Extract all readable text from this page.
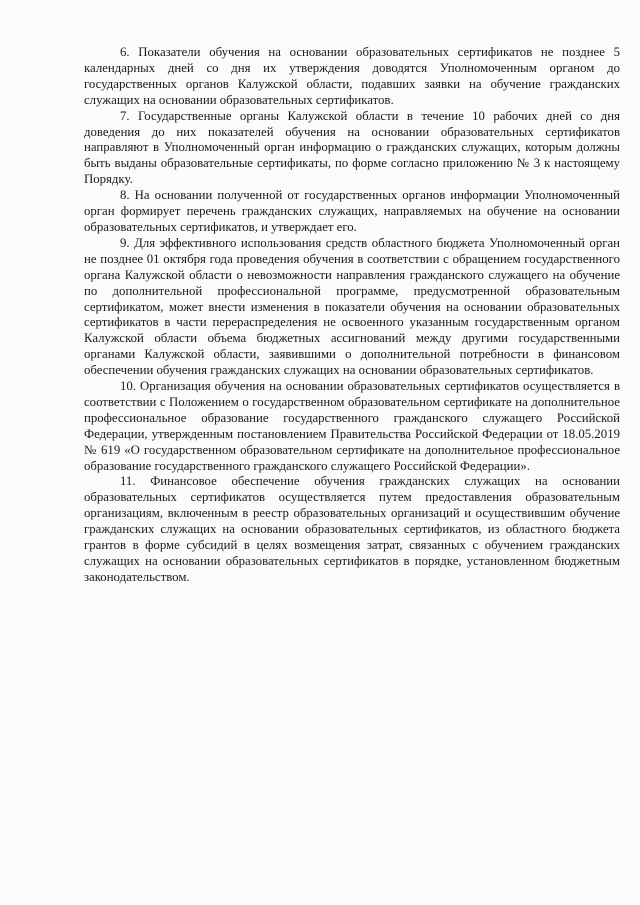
6. Показатели обучения на основании образовательных сертификатов не позднее 5 календарных дней со дня их утверждения доводятся Уполномоченным органом до государственных органов Калужской области, подавших заявки на обучение гражданских служащих на основании образовательных сертификатов.

7. Государственные органы Калужской области в течение 10 рабочих дней со дня доведения до них показателей обучения на основании образовательных сертификатов направляют в Уполномоченный орган информацию о гражданских служащих, которым должны быть выданы образовательные сертификаты, по форме согласно приложению № 3 к настоящему Порядку.

8. На основании полученной от государственных органов информации Уполномоченный орган формирует перечень гражданских служащих, направляемых на обучение на основании образовательных сертификатов, и утверждает его.

9. Для эффективного использования средств областного бюджета Уполномоченный орган не позднее 01 октября года проведения обучения в соответствии с обращением государственного органа Калужской области о невозможности направления гражданского служащего на обучение по дополнительной профессиональной программе, предусмотренной образовательным сертификатом, может внести изменения в показатели обучения на основании образовательных сертификатов в части перераспределения не освоенного указанным государственным органом Калужской области объема бюджетных ассигнований между другими государственными органами Калужской области, заявившими о дополнительной потребности в финансовом обеспечении обучения гражданских служащих на основании образовательных сертификатов.

10. Организация обучения на основании образовательных сертификатов осуществляется в соответствии с Положением о государственном образовательном сертификате на дополнительное профессиональное образование государственного гражданского служащего Российской Федерации, утвержденным постановлением Правительства Российской Федерации от 18.05.2019 № 619 «О государственном образовательном сертификате на дополнительное профессиональное образование государственного гражданского служащего Российской Федерации».

11. Финансовое обеспечение обучения гражданских служащих на основании образовательных сертификатов осуществляется путем предоставления образовательным организациям, включенным в реестр образовательных организаций и осуществившим обучение гражданских служащих на основании образовательных сертификатов, из областного бюджета грантов в форме субсидий в целях возмещения затрат, связанных с обучением гражданских служащих на основании образовательных сертификатов в порядке, установленном бюджетным законодательством.
